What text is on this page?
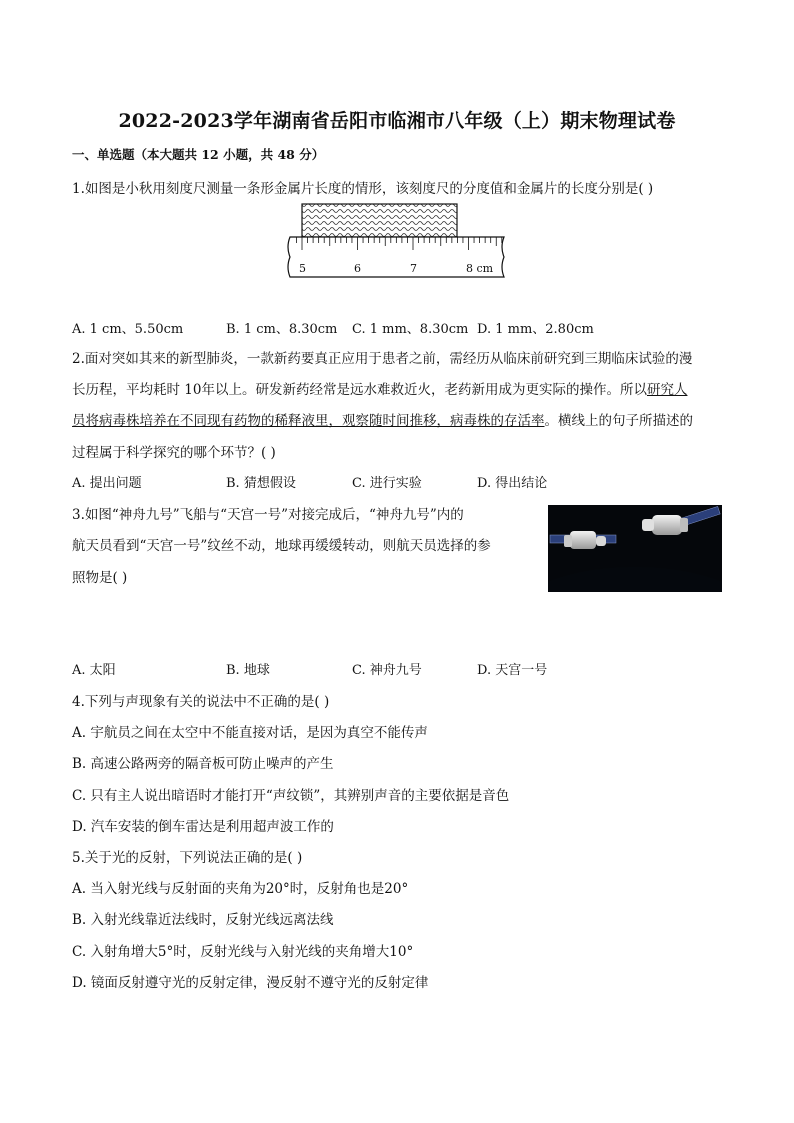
2022-2023学年湖南省岳阳市临湘市八年级（上）期末物理试卷
一、单选题（本大题共 12 小题，共 48 分）
1.如图是小秋用刻度尺测量一条形金属片长度的情形，该刻度尺的分度值和金属片的长度分别是( )
5	6	7	8 cm
A. 1 cm、5.50cm	B. 1 cm、8.30cm C. 1 mm、8.30cm D. 1 mm、2.80cm
2.面对突如其来的新型肺炎，一款新药要真正应用于患者之前，需经历从临床前研究到三期临床试验的漫
长历程，平均耗时 10年以上。研发新药经常是远水难救近火，老药新用成为更实际的操作。所以研究人
员将病毒株培养在不同现有药物的稀释液里，观察随时间推移，病毒株的存活率。横线上的句子所描述的
过程属于科学探究的哪个环节？( )
A. 提出问题	B. 猜想假设	C. 进行实验	D. 得出结论
3.如图“神舟九号”飞船与“天宫一号”对接完成后，“神舟九号”内的
航天员看到“天宫一号”纹丝不动，地球再缓缓转动，则航天员选择的参
照物是( )
A. 太阳	B. 地球	C. 神舟九号	D. 天宫一号
4.下列与声现象有关的说法中不正确的是( )
A. 宇航员之间在太空中不能直接对话，是因为真空不能传声
B. 高速公路两旁的隔音板可防止噪声的产生
C. 只有主人说出暗语时才能打开“声纹锁”，其辨别声音的主要依据是音色
D. 汽车安装的倒车雷达是利用超声波工作的
5.关于光的反射，下列说法正确的是( )
A. 当入射光线与反射面的夹角为20°时，反射角也是20°
B. 入射光线靠近法线时，反射光线远离法线
C. 入射角增大5°时，反射光线与入射光线的夹角增大10°
D. 镜面反射遵守光的反射定律，漫反射不遵守光的反射定律
